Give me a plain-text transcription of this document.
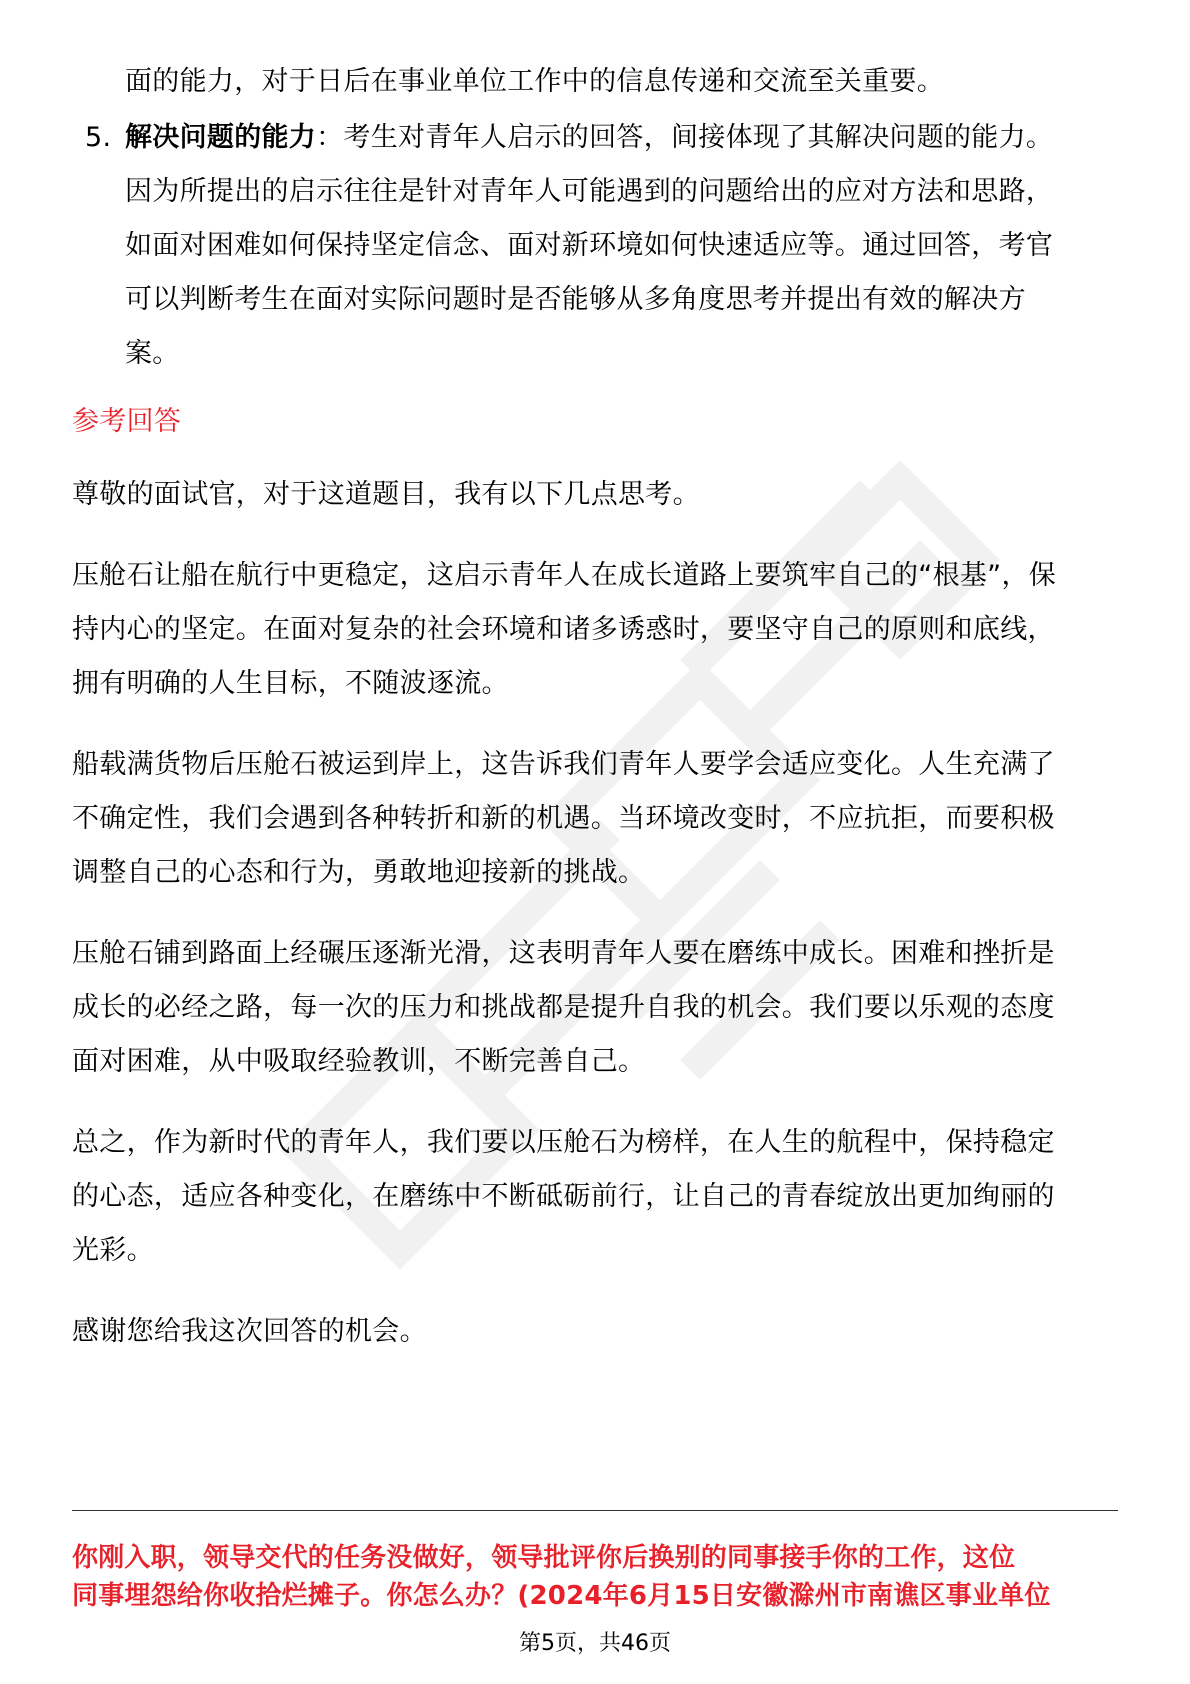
面的能力，对于日后在事业单位工作中的信息传递和交流至关重要。
5. 解决问题的能力：考生对青年人启示的回答，间接体现了其解决问题的能力。
因为所提出的启示往往是针对青年人可能遇到的问题给出的应对方法和思路，
如面对困难如何保持坚定信念、面对新环境如何快速适应等。通过回答，考官
可以判断考生在面对实际问题时是否能够从多角度思考并提出有效的解决方
案。
参考回答
尊敬的面试官，对于这道题目，我有以下几点思考。
压舱石让船在航行中更稳定，这启示青年人在成长道路上要筑牢自己的“根基”，保
持内心的坚定。在面对复杂的社会环境和诸多诱惑时，要坚守自己的原则和底线，
拥有明确的人生目标，不随波逐流。
船载满货物后压舱石被运到岸上，这告诉我们青年人要学会适应变化。人生充满了
不确定性，我们会遇到各种转折和新的机遇。当环境改变时，不应抗拒，而要积极
调整自己的心态和行为，勇敢地迎接新的挑战。
压舱石铺到路面上经碾压逐渐光滑，这表明青年人要在磨练中成长。困难和挫折是
成长的必经之路，每一次的压力和挑战都是提升自我的机会。我们要以乐观的态度
面对困难，从中吸取经验教训，不断完善自己。
总之，作为新时代的青年人，我们要以压舱石为榜样，在人生的航程中，保持稳定
的心态，适应各种变化，在磨练中不断砥砺前行，让自己的青春绽放出更加绚丽的
光彩。
感谢您给我这次回答的机会。
你刚入职，领导交代的任务没做好，领导批评你后换别的同事接手你的工作，这位
同事埋怨给你收拾烂摊子。你怎么办？(2024年6月15日安徽滁州市南谯区事业单位
第5页，共46页
